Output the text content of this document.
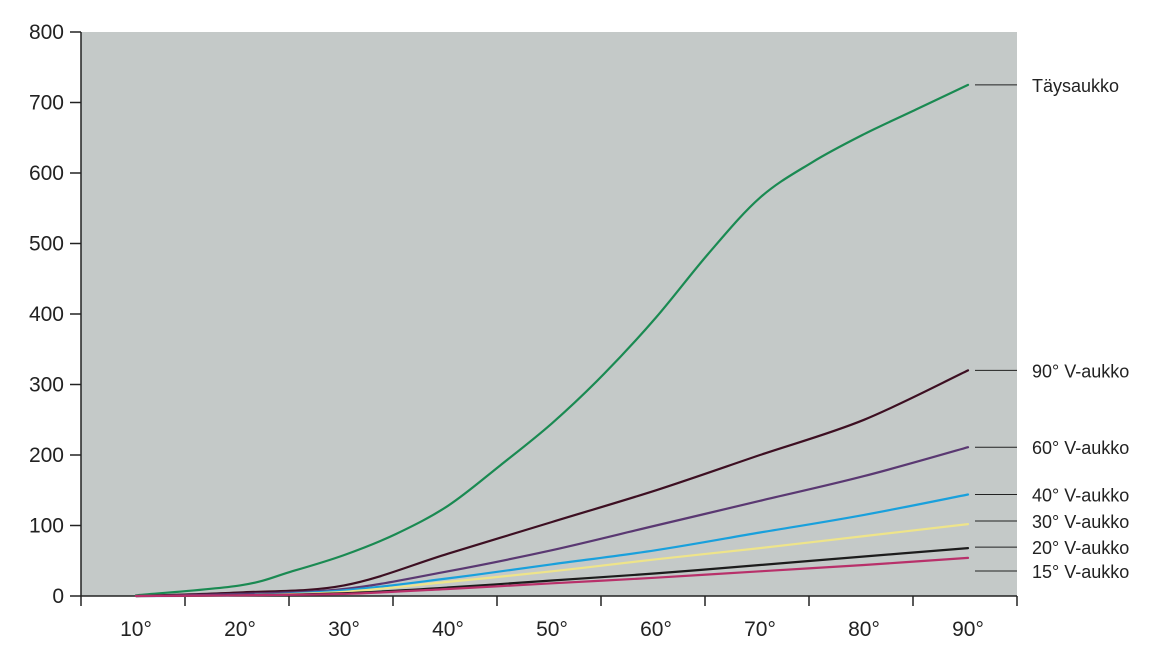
0
100
200
300
400
500
600
700
800
10°	20°	30°	40°	50°	60°	70°	80°	90°
Täysaukko
90° V-aukko
60° V-aukko
40° V-aukko
30° V-aukko
20° V-aukko
15° V-aukko
